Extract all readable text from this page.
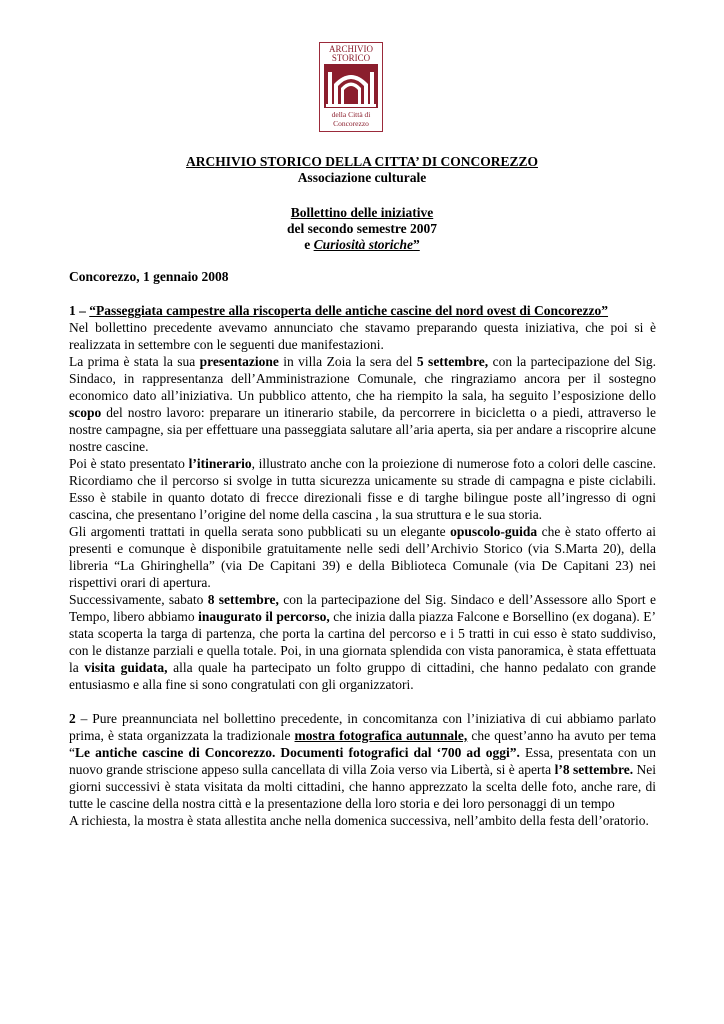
ARCHIVIO
STORICO
della Città di
Concorezzo
ARCHIVIO STORICO DELLA CITTA’ DI CONCOREZZO
Associazione culturale
Bollettino delle iniziative
del secondo semestre 2007
e Curiosità storiche”

Concorezzo, 1 gennaio 2008

1 – “Passeggiata campestre alla riscoperta delle antiche cascine del nord ovest di Concorezzo”

Nel bollettino precedente avevamo annunciato che stavamo preparando questa iniziativa, che poi si è realizzata in settembre con le seguenti due manifestazioni.

La prima è stata la sua presentazione in villa Zoia la sera del 5 settembre, con la partecipazione del Sig. Sindaco, in rappresentanza dell’Amministrazione Comunale, che ringraziamo ancora per il sostegno economico dato all’iniziativa. Un pubblico attento, che ha riempito la sala, ha seguito l’esposizione dello scopo del nostro lavoro: preparare un itinerario stabile, da percorrere in bicicletta o a piedi, attraverso le nostre campagne, sia per effettuare una passeggiata salutare all’aria aperta, sia per andare a riscoprire alcune nostre cascine.

Poi è stato presentato l’itinerario, illustrato anche con la proiezione di numerose foto a colori delle cascine. Ricordiamo che il percorso si svolge in tutta sicurezza unicamente su strade di campagna e piste ciclabili. Esso è stabile in quanto dotato di frecce direzionali fisse e di targhe bilingue poste all’ingresso di ogni cascina, che presentano l’origine del nome della cascina , la sua struttura e le sua storia.

Gli argomenti trattati in quella serata sono pubblicati su un elegante opuscolo-guida che è stato offerto ai presenti e comunque è disponibile gratuitamente nelle sedi dell’Archivio Storico (via S.Marta 20), della libreria “La Ghiringhella” (via De Capitani 39) e della Biblioteca Comunale (via De Capitani 23) nei rispettivi orari di apertura.

Successivamente, sabato 8 settembre, con la partecipazione del Sig. Sindaco e dell’Assessore allo Sport e Tempo, libero abbiamo inaugurato il percorso, che inizia dalla piazza Falcone e Borsellino (ex dogana). E’ stata scoperta la targa di partenza, che porta la cartina del percorso e i 5 tratti in cui esso è stato suddiviso, con le distanze parziali e quella totale. Poi, in una giornata splendida con vista panoramica, è stata effettuata la visita guidata, alla quale ha partecipato un folto gruppo di cittadini, che hanno pedalato con grande entusiasmo e alla fine si sono congratulati con gli organizzatori.

2 – Pure preannunciata nel bollettino precedente, in concomitanza con l’iniziativa di cui abbiamo parlato prima, è stata organizzata la tradizionale mostra fotografica autunnale, che quest’anno ha avuto per tema “Le antiche cascine di Concorezzo. Documenti fotografici dal ‘700 ad oggi”. Essa, presentata con un nuovo grande striscione appeso sulla cancellata di villa Zoia verso via Libertà, si è aperta l’8 settembre. Nei giorni successivi è stata visitata da molti cittadini, che hanno apprezzato la scelta delle foto, anche rare, di tutte le cascine della nostra città e la presentazione della loro storia e dei loro personaggi di un tempo

A richiesta, la mostra è stata allestita anche nella domenica successiva, nell’ambito della festa dell’oratorio.
